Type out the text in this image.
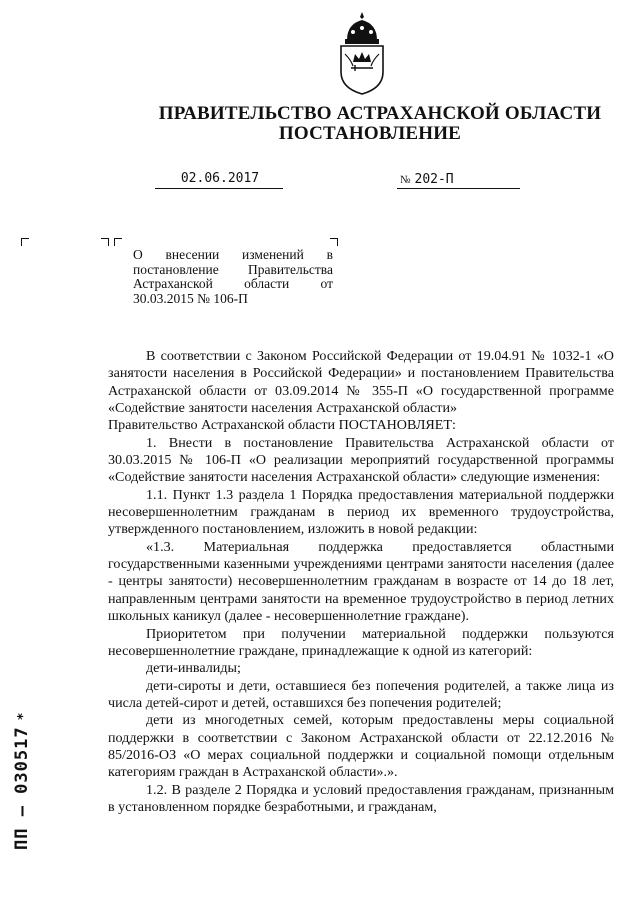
ПРАВИТЕЛЬСТВО АСТРАХАНСКОЙ ОБЛАСТИ
ПОСТАНОВЛЕНИЕ
02.06.2017	№ 202-П
О внесении изменений в
постановление Правительства
Астраханской области от
30.03.2015 № 106-П

В соответствии с Законом Российской Федерации от 19.04.91 № 1032-1 «О занятости населения в Российской Федерации» и постановлением Правительства Астраханской области от 03.09.2014 № 355-П «О государственной программе «Содействие занятости населения Астраханской области»

Правительство Астраханской области ПОСТАНОВЛЯЕТ:

1. Внести в постановление Правительства Астраханской области от 30.03.2015 № 106-П «О реализации мероприятий государственной программы «Содействие занятости населения Астраханской области» следующие изменения:

1.1. Пункт 1.3 раздела 1 Порядка предоставления материальной поддержки несовершеннолетним гражданам в период их временного трудоустройства, утвержденного постановлением, изложить в новой редакции:

«1.3. Материальная поддержка предоставляется областными государственными казенными учреждениями центрами занятости населения (далее - центры занятости) несовершеннолетним гражданам в возрасте от 14 до 18 лет, направленным центрами занятости на временное трудоустройство в период летних школьных каникул (далее - несовершеннолетние граждане).

Приоритетом при получении материальной поддержки пользуются несовершеннолетние граждане, принадлежащие к одной из категорий:

дети-инвалиды;

дети-сироты и дети, оставшиеся без попечения родителей, а также лица из числа детей-сирот и детей, оставшихся без попечения родителей;

дети из многодетных семей, которым предоставлены меры социальной поддержки в соответствии с Законом Астраханской области от 22.12.2016 № 85/2016-ОЗ «О мерах социальной поддержки и социальной помощи отдельным категориям граждан в Астраханской области».».

1.2. В разделе 2 Порядка и условий предоставления гражданам, признанным в установленном порядке безработными, и гражданам,

ПП – 030517*
